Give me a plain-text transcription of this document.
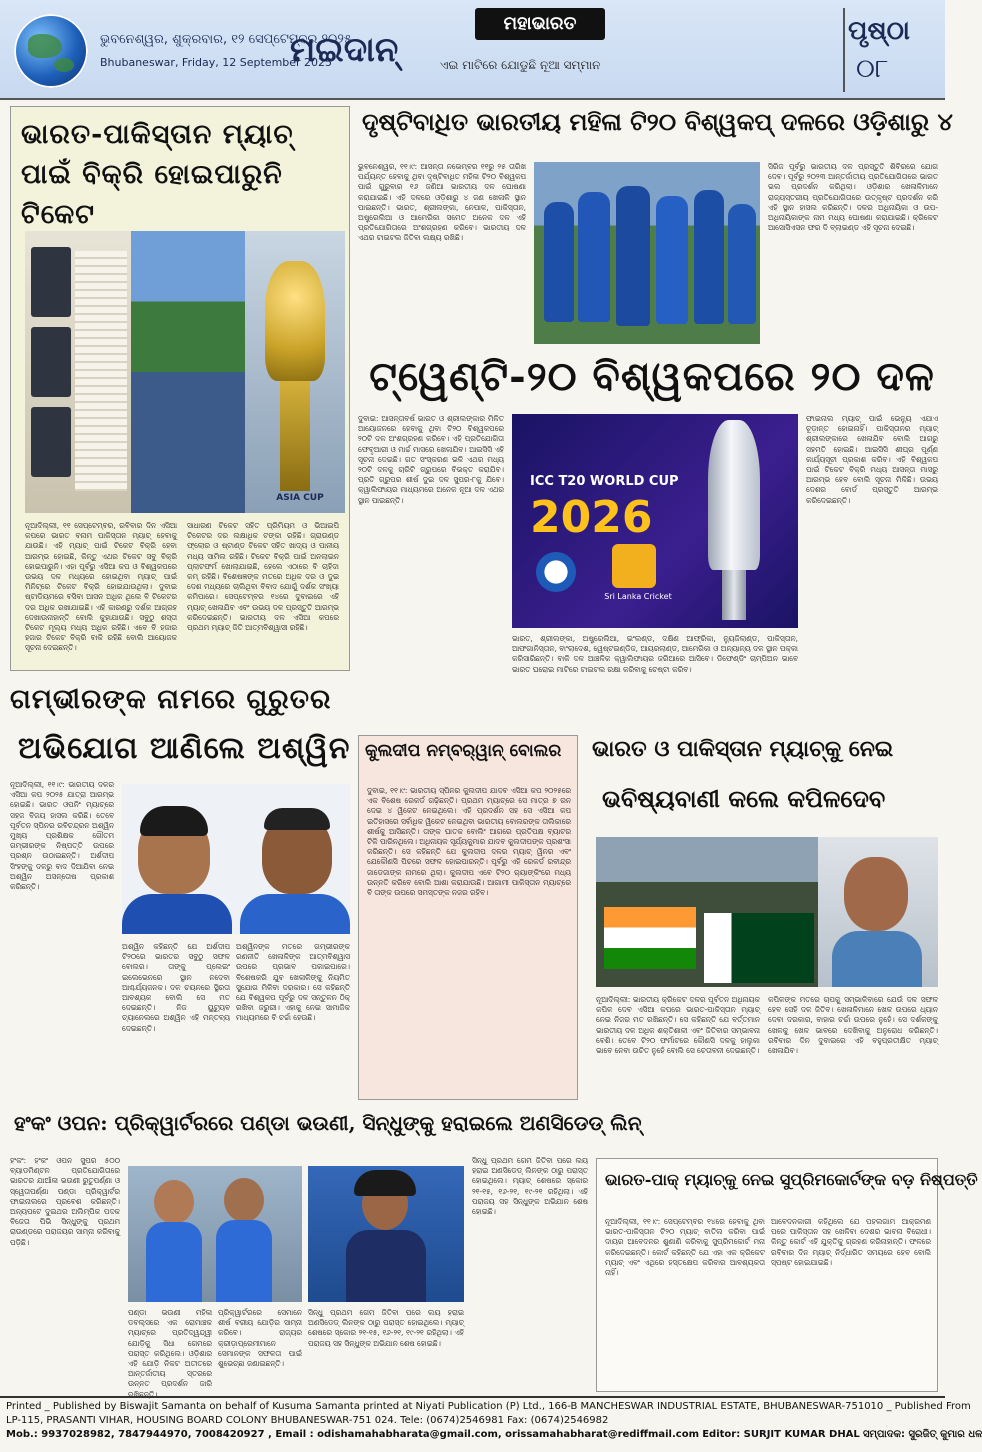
ଭୁବନେଶ୍ୱର, ଶୁକ୍ରବାର, ୧୨ ସେପ୍ଟେମ୍ବର ୨୦୨୫
Bhubaneswar, Friday, 12 September 2025
ମଇଦାନ୍
ମହାଭାରତ
ଏଇ ମାଟିରେ ଯୋଡୁଛି ନୂଆ ସମ୍ମାନ
ପୃଷ୍ଠା
୦୮
ଭାରତ-ପାକିସ୍ତାନ ମ୍ୟାଚ୍ ପାଇଁ ବିକ୍ରି ହୋଇପାରୁନି ଟିକେଟ
ASIA CUP
ନୂଆଦିଲ୍ଲୀ, ୧୧ ସେପ୍ଟେମ୍ବର, ରବିବାର ଦିନ ଏସିଆ କପରେ ଭାରତ ବନାମ ପାକିସ୍ତାନ ମ୍ୟାଚ୍ ହେବାକୁ ଯାଉଛି। ଏହି ମ୍ୟାଚ୍ ପାଇଁ ଟିକେଟ ବିକ୍ରି ହେବା ଆରମ୍ଭ ହୋଇଛି, କିନ୍ତୁ ଏଥର ଟିକେଟ ସବୁ ବିକ୍ରି ହୋଇପାରୁନି। ଏହା ପୂର୍ବରୁ ଏସିଆ କପ ଓ ବିଶ୍ୱକପରେ ଉଭୟ ଦଳ ମଧ୍ୟରେ ହୋଇଥିବା ମ୍ୟାଚ୍ ପାଇଁ ମିନିଟ୍‌ରେ ଟିକେଟ ବିକ୍ରି ହୋଇଯାଉଥିଲା। ଦୁବାଇ ଷ୍ଟାଡିୟମରେ ବସିବା ଆସନ ଅଧିକ ଥିଲେ ବି ଟିକେଟର ଦର ଅଧିକ ରଖାଯାଇଛି। ଏହି କାରଣରୁ ଦର୍ଶକ ଆଗ୍ରହ ଦେଖାଉନାହାନ୍ତି ବୋଲି କୁହାଯାଉଛି। ସବୁଠୁ ଶସ୍ତା ଟିକେଟ ମୂଲ୍ୟ ମଧ୍ୟ ଅଧିକ ରହିଛି। ଏବେ ବି ହଜାର ହଜାର ଟିକେଟ ବିକ୍ରି ବାକି ରହିଛି ବୋଲି ଆୟୋଜକ ସୂଚନା ଦେଇଛନ୍ତି।
ସାଧାରଣ ଟିକେଟ ସହିତ ପ୍ରିମିୟମ ଓ ଭିଆଇପି ଟିକେଟର ଦର ଲକ୍ଷାଧିକ ଟଙ୍କା ରହିଛି। ଗ୍ରାଉଣ୍ଡ ଫ୍ଲୋର ଓ ଷ୍ଟାଣ୍ଡ ଟିକେଟ ସହିତ ଖାଦ୍ୟ ଓ ପାନୀୟ ମଧ୍ୟ ସାମିଲ ରହିଛି। ଟିକେଟ ବିକ୍ରି ପାଇଁ ଅନଲାଇନ ପ୍ଲାଟଫର୍ମ ଖୋଲାଯାଇଛି, ହେଲେ ଏଠାରେ ବି ଚାହିଦା କମ୍ ରହିଛି। ବିଶେଷଜ୍ଞଙ୍କ ମତରେ ଅଧିକ ଦର ଓ ଦୁଇ ଦେଶ ମଧ୍ୟରେ ଚାଲିଥିବା ବିବାଦ ଯୋଗୁଁ ଦର୍ଶକ ସଂଖ୍ୟା କମିପାରେ। ସେପ୍ଟେମ୍ବର ୧୪ରେ ଦୁବାଇରେ ଏହି ମ୍ୟାଚ୍ ଖେଳାଯିବ ଏବଂ ଉଭୟ ଦଳ ପ୍ରସ୍ତୁତି ଆରମ୍ଭ କରିଦେଇଛନ୍ତି। ଭାରତୀୟ ଦଳ ଏସିଆ କପରେ ପ୍ରଥମ ମ୍ୟାଚ୍ ଜିତି ଆତ୍ମବିଶ୍ୱାସୀ ରହିଛି।
ଦୃଷ୍ଟିବାଧିତ ଭାରତୀୟ ମହିଳା ଟି୨୦ ବିଶ୍ୱକପ୍ ଦଳରେ ଓଡ଼ିଶାରୁ ୪
ଭୁବନେଶ୍ୱର, ୧୧।୯: ଆସନ୍ତା ନଭେମ୍ବର ୧୧ରୁ ୨୫ ତାରିଖ ପର୍ଯ୍ୟନ୍ତ ହେବାକୁ ଥିବା ଦୃଷ୍ଟିବାଧିତ ମହିଳା ଟି୨୦ ବିଶ୍ୱକପ ପାଇଁ ଗୁରୁବାର ୧୬ ଜଣିଆ ଭାରତୀୟ ଦଳ ଘୋଷଣା କରାଯାଇଛି। ଏହି ଦଳରେ ଓଡ଼ିଶାରୁ ୪ ଜଣ ଖେଳାଳି ସ୍ଥାନ ପାଇଛନ୍ତି। ଭାରତ, ଶ୍ରୀଲଙ୍କା, ନେପାଳ, ପାକିସ୍ତାନ, ଅଷ୍ଟ୍ରେଲିଆ ଓ ଆମେରିକା ସମେତ ଅନେକ ଦଳ ଏହି ପ୍ରତିଯୋଗିତାରେ ଅଂଶଗ୍ରହଣ କରିବେ। ଭାରତୀୟ ଦଳ ଏଥର ଟାଇଟଲ ଜିତିବା ଲକ୍ଷ୍ୟ ରଖିଛି।
ସିରିଜ ପୂର୍ବରୁ ଭାରତୀୟ ଦଳ ପ୍ରସ୍ତୁତି ଶିବିରରେ ଯୋଗ ଦେବ। ପୂର୍ବରୁ ୨୦୨୩ ଆନ୍ତର୍ଜାତୀୟ ପ୍ରତିଯୋଗିତାରେ ଭାରତ ଭଲ ପ୍ରଦର୍ଶନ କରିଥିଲା। ଓଡ଼ିଶାର ଖେଳାଳିମାନେ ରାଜ୍ୟସ୍ତରୀୟ ପ୍ରତିଯୋଗିତାରେ ଉତ୍କୃଷ୍ଟ ପ୍ରଦର୍ଶନ କରି ଏହି ସ୍ଥାନ ହାସଲ କରିଛନ୍ତି। ଦଳର ଅଧିନାୟିକା ଓ ଉପ-ଅଧିନାୟିକାଙ୍କ ନାମ ମଧ୍ୟ ଘୋଷଣା କରାଯାଇଛି। କ୍ରିକେଟ ଆସୋସିଏସନ ଫର ଦି ବ୍ଲାଇଣ୍ଡ ଏହି ସୂଚନା ଦେଇଛି।
ଟ୍ୱେଣ୍ଟି-୨୦ ବିଶ୍ୱକପରେ ୨୦ ଦଳ
ଦୁବାଇ: ଆସନ୍ତାବର୍ଷ ଭାରତ ଓ ଶ୍ରୀଲଙ୍କାର ମିଳିତ ଆୟୋଜନରେ ହେବାକୁ ଥିବା ଟି୨୦ ବିଶ୍ୱକପରେ ୨୦ଟି ଦଳ ଅଂଶଗ୍ରହଣ କରିବେ। ଏହି ପ୍ରତିଯୋଗିତା ଫେବୃଆରୀ ଓ ମାର୍ଚ୍ଚ ମାସରେ ଖେଳାଯିବ। ଆଇସିସି ଏହି ସୂଚନା ଦେଇଛି। ଗତ ସଂସ୍କରଣ ଭଳି ଏଥର ମଧ୍ୟ ୨୦ଟି ଦଳକୁ ଚାରିଟି ଗ୍ରୁପରେ ବିଭକ୍ତ କରାଯିବ। ପ୍ରତି ଗ୍ରୁପର ଶୀର୍ଷ ଦୁଇ ଦଳ ସୁପର-୮କୁ ଯିବେ। କ୍ୱାଲିଫାୟର ମାଧ୍ୟମରେ ଅନେକ ନୂଆ ଦଳ ଏଥର ସ୍ଥାନ ପାଇଛନ୍ତି।
ICC T20 WORLD CUP
2026
Sri Lanka Cricket
ଭାରତ, ଶ୍ରୀଲଙ୍କା, ଅଷ୍ଟ୍ରେଲିଆ, ଇଂଲଣ୍ଡ, ଦକ୍ଷିଣ ଆଫ୍ରିକା, ନ୍ୟୁଜିଲାଣ୍ଡ, ପାକିସ୍ତାନ, ଆଫଗାନିସ୍ତାନ, ବାଂଲାଦେଶ, ୱେଷ୍ଟଇଣ୍ଡିଜ, ଆୟରଲାଣ୍ଡ, ଆମେରିକା ଓ ଅନ୍ୟାନ୍ୟ ଦଳ ସ୍ଥାନ ପକ୍କା କରିସାରିଛନ୍ତି। ବାକି ଦଳ ଆଞ୍ଚଳିକ କ୍ୱାଲିଫାୟର ଜରିଆରେ ଆସିବେ। ଡିଫେଣ୍ଡିଂ ଚାମ୍ପିଅନ ଭାବେ ଭାରତ ଘରୋଇ ମାଟିରେ ଟାଇଟଲ ରକ୍ଷା କରିବାକୁ ଚେଷ୍ଟା କରିବ।
ଫାଇନାଲ ମ୍ୟାଚ୍ ପାଇଁ ଭେନ୍ୟୁ ଏଯାଏ ଚୂଡ଼ାନ୍ତ ହୋଇନାହିଁ। ପାକିସ୍ତାନର ମ୍ୟାଚ୍ ଶ୍ରୀଲଙ୍କାରେ ଖେଳାଯିବ ବୋଲି ଆଗରୁ ସହମତି ହୋଇଛି। ଆଇସିସି ଶୀଘ୍ର ପୂର୍ଣ୍ଣ କାର୍ଯ୍ୟସୂଚୀ ପ୍ରକାଶ କରିବ। ଏହି ବିଶ୍ୱକପ ପାଇଁ ଟିକେଟ ବିକ୍ରି ମଧ୍ୟ ଆସନ୍ତା ମାସରୁ ଆରମ୍ଭ ହେବ ବୋଲି ସୂଚନା ମିଳିଛି। ଉଭୟ ଦେଶର ବୋର୍ଡ ପ୍ରସ୍ତୁତି ଆରମ୍ଭ କରିଦେଇଛନ୍ତି।
ଗମ୍ଭୀରଙ୍କ ନାମରେ ଗୁରୁତର
ଅଭିଯୋଗ ଆଣିଲେ ଅଶ୍ୱିନ
ନୂଆଦିଲ୍ଲୀ, ୧୧।୯: ଭାରତୀୟ ଦଳର ଏସିଆ କପ ୨୦୨୫ ଯାତ୍ରା ଆରମ୍ଭ ହୋଇଛି। ଭାରତ ଓପନିଂ ମ୍ୟାଚ୍‌ରେ ସହଜ ବିଜୟ ହାସଲ କରିଛି। ତେବେ ପୂର୍ବତନ ସ୍ପିନର ରବିଚନ୍ଦ୍ରନ ଅଶ୍ୱିନ ମୁଖ୍ୟ ପ୍ରଶିକ୍ଷକ ଗୌତମ ଗମ୍ଭୀରଙ୍କ ନିଷ୍ପତ୍ତି ଉପରେ ପ୍ରଶ୍ନ ଉଠାଇଛନ୍ତି। ଅର୍ଶଦୀପ ସିଂହଙ୍କୁ ଦଳରୁ ବାଦ ଦିଆଯିବା ନେଇ ଅଶ୍ୱିନ ଅସନ୍ତୋଷ ପ୍ରକାଶ କରିଛନ୍ତି।
ଅଶ୍ୱିନ କହିଛନ୍ତି ଯେ ଅର୍ଶଦୀପ ଟି୨୦ରେ ଭାରତର ସବୁଠୁ ସଫଳ ବୋଲର। ତାଙ୍କୁ ପ୍ଲେଇଂ ଇଲେଭେନରେ ସ୍ଥାନ ନଦେବା ଆଶ୍ଚର୍ଯ୍ୟଜନକ। ଦଳ ଚୟନରେ ସ୍ଥିରତା ଆବଶ୍ୟକ ବୋଲି ସେ ମତ ଦେଇଛନ୍ତି। ନିଜ ୟୁଟ୍ୟୁବ ଚ୍ୟାନେଲରେ ଅଶ୍ୱିନ ଏହି ମନ୍ତବ୍ୟ ଦେଇଛନ୍ତି।
ଅଶ୍ୱିନଙ୍କ ମତରେ ଗମ୍ଭୀରଙ୍କ ରଣନୀତି ଖେଳାଳିଙ୍କ ଆତ୍ମବିଶ୍ୱାସ ଉପରେ ପ୍ରଭାବ ପକାଇପାରେ। ବିଶେଷକରି ଯୁବ ଖେଳାଳିଙ୍କୁ ନିୟମିତ ସୁଯୋଗ ମିଳିବା ଦରକାର। ସେ କହିଛନ୍ତି ଯେ ବିଶ୍ୱକପ ପୂର୍ବରୁ ଦଳ ସନ୍ତୁଳନ ଠିକ୍ ରଖିବା ଜରୁରୀ। ଏହାକୁ ନେଇ ସାମାଜିକ ମାଧ୍ୟମରେ ବି ଚର୍ଚ୍ଚା ହେଉଛି।
କୁଲଦୀପ ନମ୍ବର୍‌ୱାନ୍ ବୋଲର
ଦୁବାଇ, ୧୧।୯: ଭାରତୀୟ ସ୍ପିନର କୁଲଦୀପ ଯାଦବ ଏସିଆ କପ ୨୦୨୫ରେ ଏକ ବିଶେଷ ରେକର୍ଡ ଗଢ଼ିଛନ୍ତି। ପ୍ରଥମ ମ୍ୟାଚ୍‌ରେ ସେ ମାତ୍ର ୭ ରନ ଦେଇ ୪ ୱିକେଟ ନେଇଥିଲେ। ଏହି ପ୍ରଦର୍ଶନ ସହ ସେ ଏସିଆ କପ ଇତିହାସରେ ସର୍ବାଧିକ ୱିକେଟ ନେଇଥିବା ଭାରତୀୟ ବୋଲରଙ୍କ ତାଲିକାରେ ଶୀର୍ଷକୁ ଆସିଛନ୍ତି। ତାଙ୍କ ଘାତକ ବୋଲିଂ ଆଗରେ ପ୍ରତିପକ୍ଷ ବ୍ୟାଟର ଟିକି ପାରିନଥିଲେ। ଅଧିନାୟକ ସୂର୍ଯ୍ୟକୁମାର ଯାଦବ କୁଲଦୀପଙ୍କ ପ୍ରଶଂସା କରିଛନ୍ତି। ସେ କହିଛନ୍ତି ଯେ କୁଲଦୀପ ଦଳର ମ୍ୟାଚ୍ ୱିନର ଏବଂ ଯେକୌଣସି ପିଚରେ ସଫଳ ହୋଇପାରନ୍ତି। ପୂର୍ବରୁ ଏହି ରେକର୍ଡ ରବୀନ୍ଦ୍ର ଜାଡେଜାଙ୍କ ନାମରେ ଥିଲା। କୁଲଦୀପ ଏବେ ଟି୨୦ ର‍୍ୟାଙ୍କିଂରେ ମଧ୍ୟ ଉନ୍ନତି କରିବେ ବୋଲି ଆଶା କରାଯାଉଛି। ଆଗାମୀ ପାକିସ୍ତାନ ମ୍ୟାଚ୍‌ରେ ବି ତାଙ୍କ ଉପରେ ସମସ୍ତଙ୍କ ନଜର ରହିବ।
ଭାରତ ଓ ପାକିସ୍ତାନ ମ୍ୟାଚ୍‌କୁ ନେଇ
ଭବିଷ୍ୟବାଣୀ କଲେ କପିଳଦେବ
ନୂଆଦିଲ୍ଲୀ: ଭାରତୀୟ କ୍ରିକେଟ ଦଳର ପୂର୍ବତନ ଅଧିନାୟକ କପିଳ ଦେବ ଏସିଆ କପରେ ଭାରତ-ପାକିସ୍ତାନ ମ୍ୟାଚ୍ ନେଇ ନିଜର ମତ ରଖିଛନ୍ତି। ସେ କହିଛନ୍ତି ଯେ ବର୍ତ୍ତମାନ ଭାରତୀୟ ଦଳ ଅଧିକ ଶକ୍ତିଶାଳୀ ଏବଂ ଜିତିବାର ସମ୍ଭାବନା ବେଶି। ତେବେ ଟି୨୦ ଫର୍ମାଟରେ କୌଣସି ଦଳକୁ ହାଲୁକା ଭାବେ ନେବା ଉଚିତ ନୁହେଁ ବୋଲି ସେ ଚେତାବନୀ ଦେଇଛନ୍ତି।
କପିଳଙ୍କ ମତରେ ଚାପକୁ ସମ୍ଭାଳିବାରେ ଯେଉଁ ଦଳ ସଫଳ ହେବ ସେହି ଦଳ ଜିତିବ। ଖେଳାଳିମାନେ ଖେଳ ଉପରେ ଧ୍ୟାନ ଦେବା ଦରକାର, ବାହାର ଚର୍ଚ୍ଚା ଉପରେ ନୁହେଁ। ସେ ଦର୍ଶକଙ୍କୁ ଖେଳକୁ ଖେଳ ଭାବରେ ଦେଖିବାକୁ ଅନୁରୋଧ କରିଛନ୍ତି। ରବିବାର ଦିନ ଦୁବାଇରେ ଏହି ବହୁପ୍ରତୀକ୍ଷିତ ମ୍ୟାଚ୍ ଖେଳାଯିବ।
ହଂକଂ ଓପନ: ପ୍ରିକ୍ୱାର୍ଟରରେ ପଣ୍ଡା ଭଉଣୀ, ସିନ୍ଧୁଙ୍କୁ ହରାଇଲେ ଅଣସିଡେଡ୍ ଲିନ୍
ହଂକଂ: ହଂକଂ ଓପନ ସୁପର ୫୦୦ ବ୍ୟାଡମିଣ୍ଟନ ପ୍ରତିଯୋଗିତାରେ ଭାରତର ଯାଆଁଳା ଭଉଣୀ ରୁତୁପର୍ଣ୍ଣା ଓ ସ୍ୱେତାପର୍ଣ୍ଣା ପଣ୍ଡା ପ୍ରିକ୍ୱାର୍ଟର ଫାଇନାଲରେ ପ୍ରବେଶ କରିଛନ୍ତି। ଅନ୍ୟପଟେ ଦୁଇଥର ଅଲିମ୍ପିକ ପଦକ ବିଜେତା ପିଭି ସିନ୍ଧୁଙ୍କୁ ପ୍ରଥମ ରାଉଣ୍ଡରେ ପରାଜୟର ସାମ୍ନା କରିବାକୁ ପଡ଼ିଛି।
ପଣ୍ଡା ଭଉଣୀ ମହିଳା ଡବଲ୍ସରେ ଏକ ରୋମାଞ୍ଚକ ମ୍ୟାଚ୍‌ରେ ପ୍ରତିଦ୍ୱନ୍ଦ୍ୱୀ ଯୋଡ଼ିକୁ ସିଧା ଗେମରେ ପରାସ୍ତ କରିଥିଲେ। ଓଡ଼ିଶାର ଏହି ଯୋଡ଼ି ନିକଟ ଅତୀତରେ ଆନ୍ତର୍ଜାତୀୟ ସ୍ତରରେ ଉନ୍ନତ ପ୍ରଦର୍ଶନ ଜାରି ରଖିଛନ୍ତି।
ପ୍ରିକ୍ୱାର୍ଟରରେ ସେମାନେ ଶୀର୍ଷ ବରୀୟ ଯୋଡ଼ିର ସାମ୍ନା କରିବେ। ରାଜ୍ୟର କ୍ରୀଡ଼ାପ୍ରେମୀମାନେ ସେମାନଙ୍କ ସଫଳତା ପାଇଁ ଶୁଭେଚ୍ଛା ଜଣାଇଛନ୍ତି।
ସିନ୍ଧୁ ପ୍ରଥମ ଗେମ ଜିତିବା ପରେ ଲୟ ହରାଇ ଅଣସିଡେଡ୍ ଲିନଙ୍କ ଠାରୁ ପରାସ୍ତ ହୋଇଥିଲେ। ମ୍ୟାଚ୍ ଶେଷରେ ସ୍କୋର ୨୧-୧୫, ୧୬-୨୧, ୧୯-୨୧ ରହିଥିଲା। ଏହି ପରାଜୟ ସହ ସିନ୍ଧୁଙ୍କ ଅଭିଯାନ ଶେଷ ହୋଇଛି।
ସିନ୍ଧୁ ପ୍ରଥମ ଗେମ ଜିତିବା ପରେ ଲୟ ହରାଇ ଅଣସିଡେଡ୍ ଲିନଙ୍କ ଠାରୁ ପରାସ୍ତ ହୋଇଥିଲେ। ମ୍ୟାଚ୍ ଶେଷରେ ସ୍କୋର ୨୧-୧୫, ୧୬-୨୧, ୧୯-୨୧ ରହିଥିଲା। ଏହି ପରାଜୟ ସହ ସିନ୍ଧୁଙ୍କ ଅଭିଯାନ ଶେଷ ହୋଇଛି।
ଭାରତ-ପାକ୍ ମ୍ୟାଚ୍‌କୁ ନେଇ ସୁପ୍ରିମକୋର୍ଟଙ୍କ ବଡ଼ ନିଷ୍ପତ୍ତି
ନୂଆଦିଲ୍ଲୀ, ୧୧।୯: ସେପ୍ଟେମ୍ବର ୧୪ରେ ହେବାକୁ ଥିବା ଭାରତ-ପାକିସ୍ତାନ ଟି୨୦ ମ୍ୟାଚ୍ ବାତିଲ କରିବା ପାଇଁ ଦାୟର ଆବେଦନର ଶୁଣାଣି କରିବାକୁ ସୁପ୍ରିମକୋର୍ଟ ମନା କରିଦେଇଛନ୍ତି। କୋର୍ଟ କହିଛନ୍ତି ଯେ ଏହା ଏକ କ୍ରିକେଟ ମ୍ୟାଚ୍ ଏବଂ ଏଥିରେ ହସ୍ତକ୍ଷେପ କରିବାର ଆବଶ୍ୟକତା ନାହିଁ।
ଆବେଦନକାରୀ କହିଥିଲେ ଯେ ପହଲଗାମ ଆକ୍ରମଣ ପରେ ପାକିସ୍ତାନ ସହ ଖେଳିବା ଦେଶର ଭାବନା ବିରୋଧୀ। କିନ୍ତୁ କୋର୍ଟ ଏହି ଯୁକ୍ତିକୁ ଗ୍ରହଣ କରିନାହାନ୍ତି। ଫଳରେ ରବିବାର ଦିନ ମ୍ୟାଚ୍ ନିର୍ଦ୍ଧାରିତ ସମୟରେ ହେବ ବୋଲି ସ୍ପଷ୍ଟ ହୋଇଯାଇଛି।
Printed _ Published by Biswajit Samanta on behalf of Kusuma Samanta printed at Niyati Publication (P) Ltd., 166-B MANCHESWAR INDUSTRIAL ESTATE, BHUBANESWAR-751010 _ Published From
LP-115, PRASANTI VIHAR, HOUSING BOARD COLONY BHUBANESWAR-751 024. Tele: (0674)2546981 Fax: (0674)2546982
Mob.: 9937028982, 7847944970, 7008420927 , Email : odishamahabharata@gmail.com, orissamahabharat@rediffmail.com Editor: SURJIT KUMAR DHAL ସମ୍ପାଦକ: ସୁରଜିତ୍ କୁମାର ଧଳ
